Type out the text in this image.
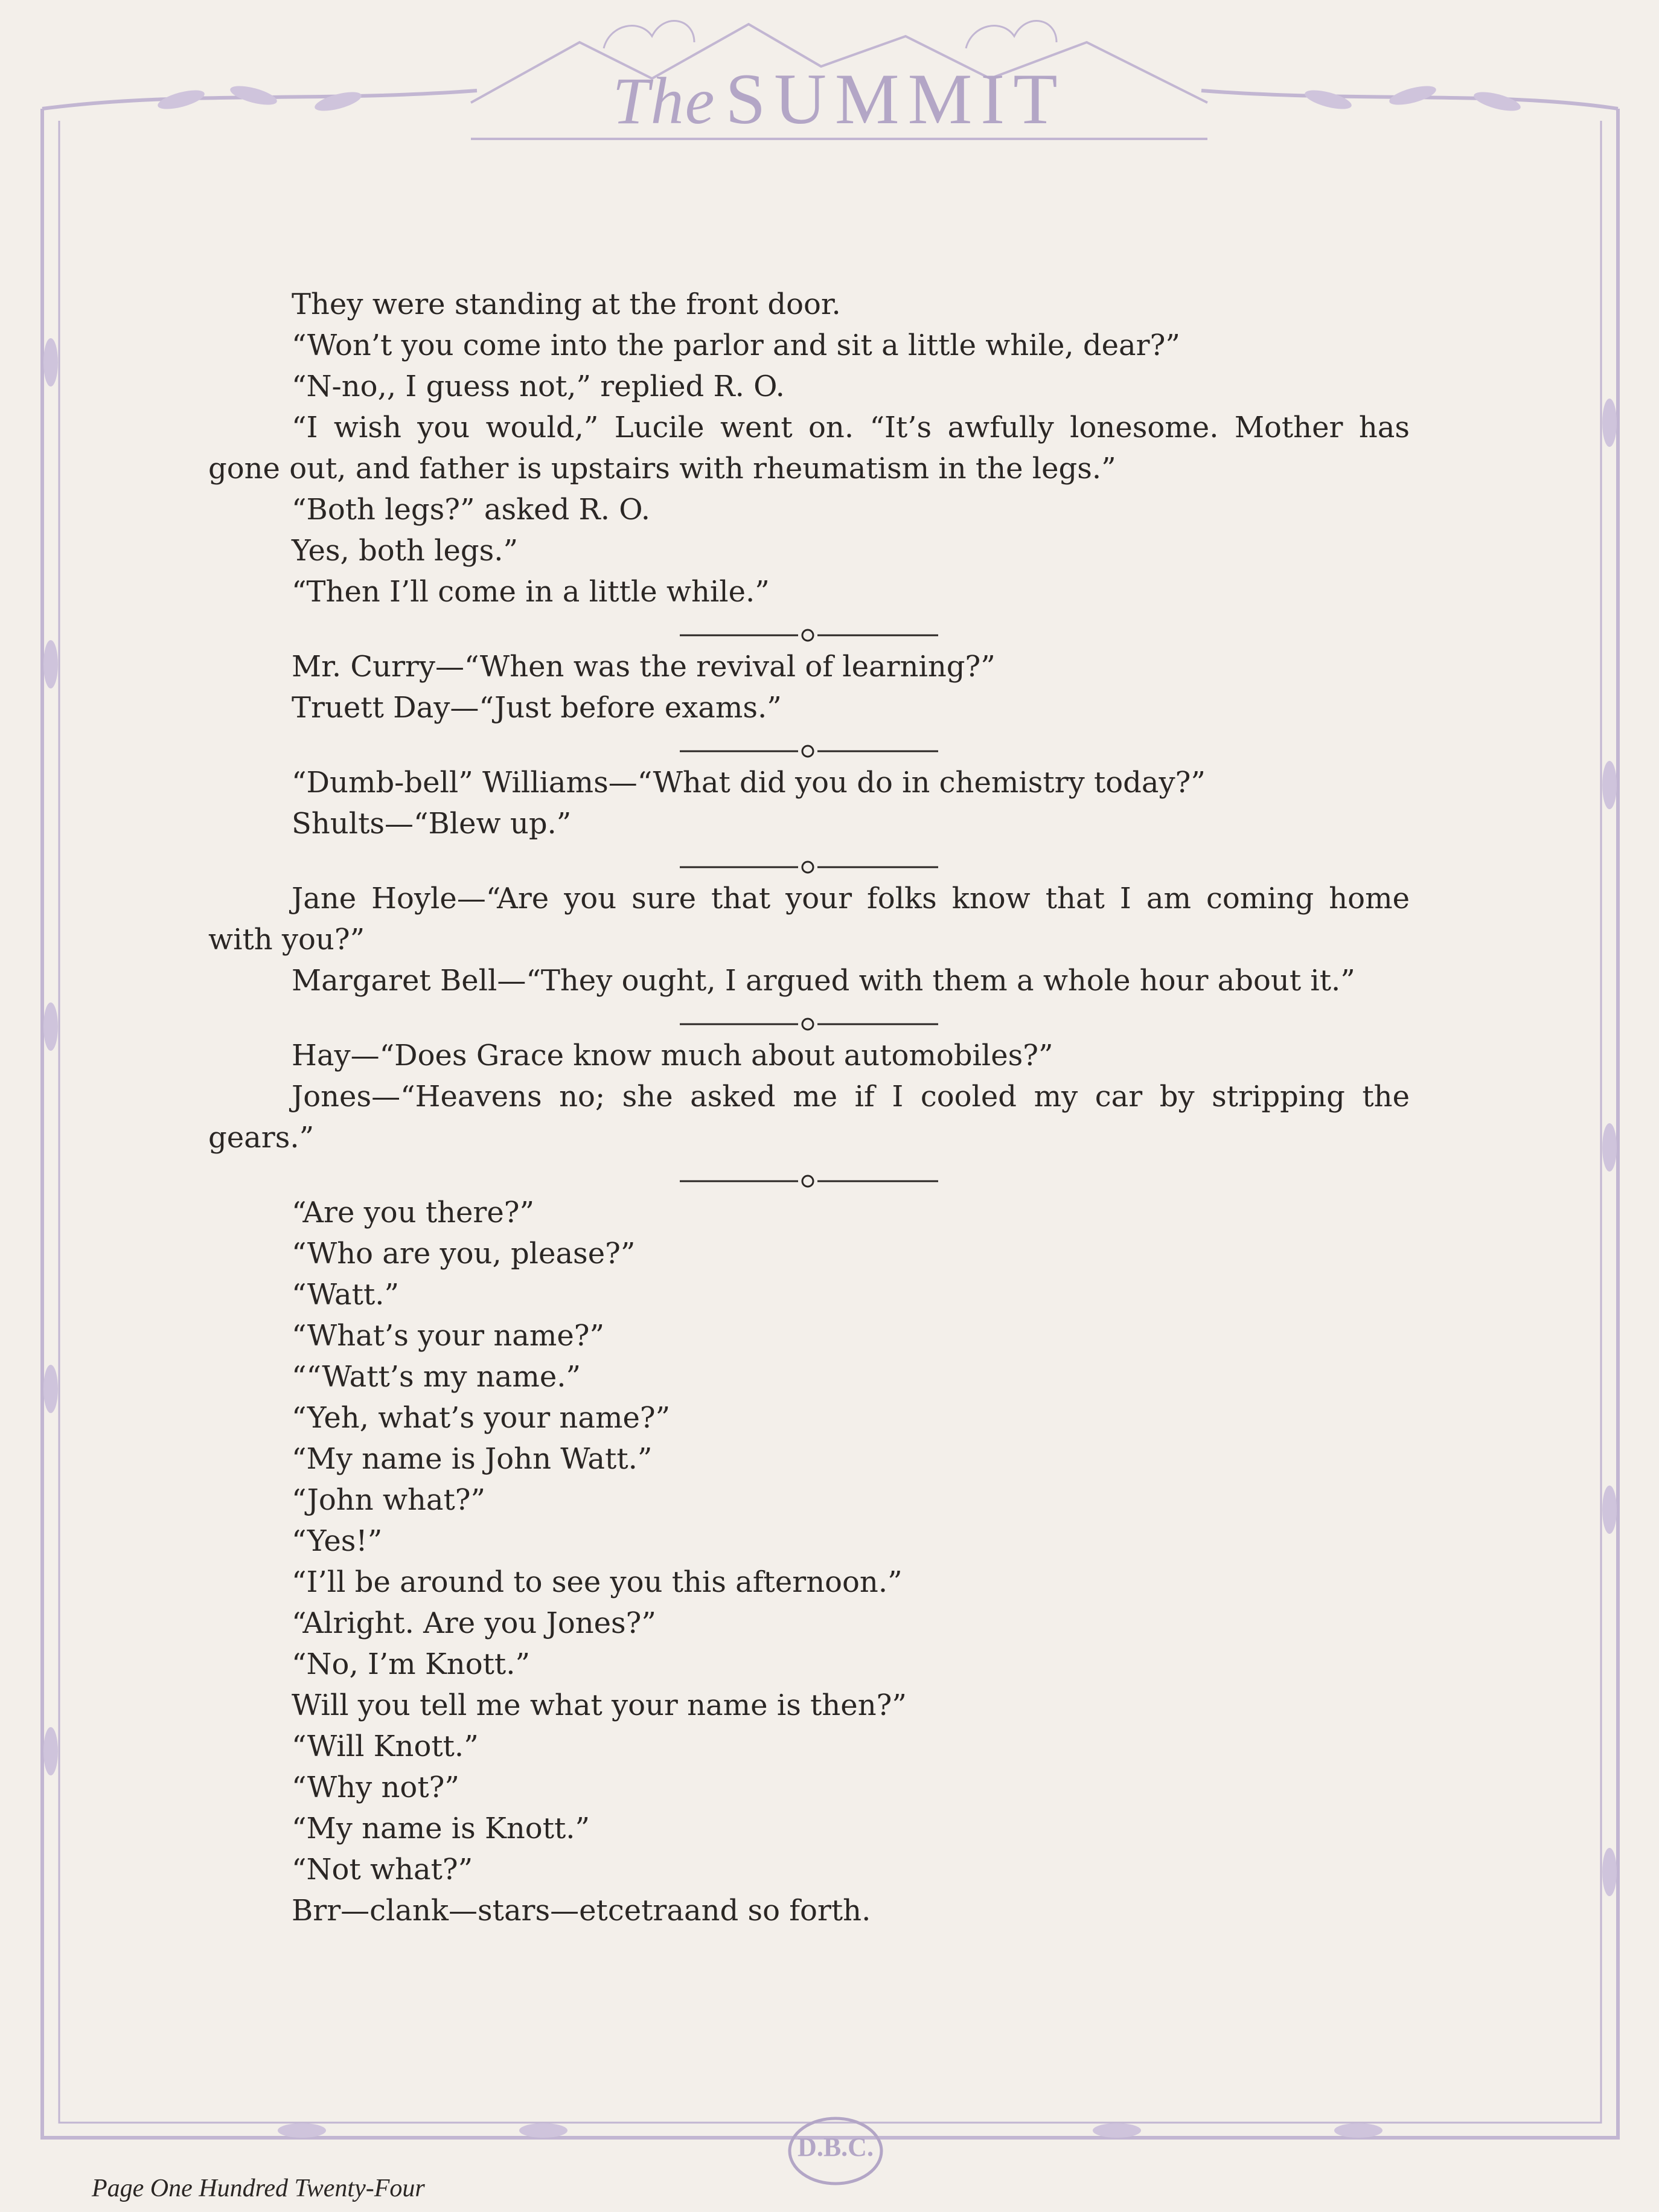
The SUMMIT

They were standing at the front door.

“Won’t you come into the parlor and sit a little while, dear?”

“N-no,, I guess not,” replied R. O.

“I wish you would,” Lucile went on. “It’s awfully lonesome. Mother has gone out, and father is upstairs with rheumatism in the legs.”

“Both legs?” asked R. O.

Yes, both legs.”

“Then I’ll come in a little while.”

Mr. Curry—“When was the revival of learning?”

Truett Day—“Just before exams.”

“Dumb-bell” Williams—“What did you do in chemistry today?”

Shults—“Blew up.”

Jane Hoyle—“Are you sure that your folks know that I am coming home with you?”

Margaret Bell—“They ought, I argued with them a whole hour about it.”

Hay—“Does Grace know much about automobiles?”

Jones—“Heavens no; she asked me if I cooled my car by stripping the gears.”

“Are you there?”

“Who are you, please?”

“Watt.”

“What’s your name?”

““Watt’s my name.”

“Yeh, what’s your name?”

“My name is John Watt.”

“John what?”

“Yes!”

“I’ll be around to see you this afternoon.”

“Alright. Are you Jones?”

“No, I’m Knott.”

Will you tell me what your name is then?”

“Will Knott.”

“Why not?”

“My name is Knott.”

“Not what?”

Brr—clank—stars—etcetraand so forth.

D.B.C.
Page One Hundred Twenty-Four
